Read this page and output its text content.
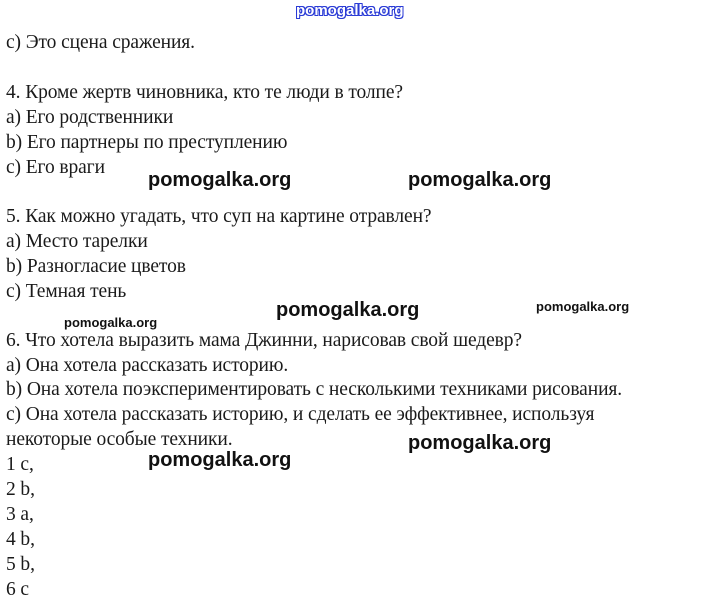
pomogalka.org
c) Это сцена сражения.
4. Кроме жертв чиновника, кто те люди в толпе?
a) Его родственники
b) Его партнеры по преступлению
c) Его враги
5. Как можно угадать, что суп на картине отравлен?
a) Место тарелки
b) Разногласие цветов
c) Темная тень
6. Что хотела выразить мама Джинни, нарисовав свой шедевр?
a) Она хотела рассказать историю.
b) Она хотела поэкспериментировать с несколькими техниками рисования.
c) Она хотела рассказать историю, и сделать ее эффективнее, используя
некоторые особые техники.
1 c,
2 b,
3 a,
4 b,
5 b,
6 c
pomogalka.org	pomogalka.org
pomogalka.org	pomogalka.org
pomogalka.org
pomogalka.org
pomogalka.org
